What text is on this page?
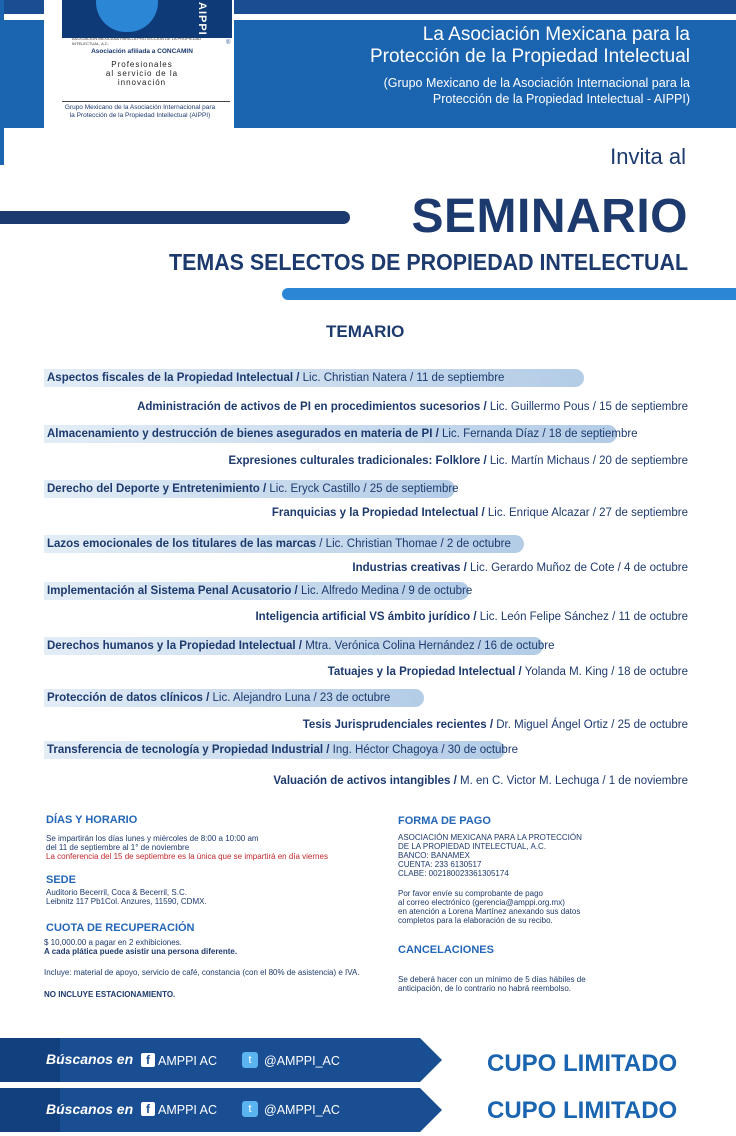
AIPPI
®
ASOCIACIÓN MEXICANA PARA LA PROTECCIÓN DE LA PROPIEDAD INTELECTUAL, A.C.
Asociación afiliada a CONCAMIN
Profesionales
al servicio de la
innovación
Grupo Mexicano de la Asociación Internacional para
la Protección de la Propiedad Intellectual (AIPPI)
La Asociación Mexicana para la
Protección de la Propiedad Intelectual
(Grupo Mexicano de la Asociación Internacional para la
Protección de la Propiedad Intelectual - AIPPI)
Invita al
SEMINARIO
TEMAS SELECTOS DE PROPIEDAD INTELECTUAL
TEMARIO
Aspectos fiscales de la Propiedad Intelectual / Lic. Christian Natera / 11 de septiembre
Administración de activos de PI en procedimientos sucesorios / Lic. Guillermo Pous / 15 de septiembre
Almacenamiento y destrucción de bienes asegurados en materia de PI / Lic. Fernanda Díaz / 18 de septiembre
Expresiones culturales tradicionales: Folklore / Lic. Martín Michaus / 20 de septiembre
Derecho del Deporte y Entretenimiento / Lic. Eryck Castillo / 25 de septiembre
Franquicias y la Propiedad Intelectual / Lic. Enrique Alcazar / 27 de septiembre
Lazos emocionales de los titulares de las marcas / Lic. Christian Thomae / 2 de octubre
Industrias creativas / Lic. Gerardo Muñoz de Cote / 4 de octubre
Implementación al Sistema Penal Acusatorio / Lic. Alfredo Medina / 9 de octubre
Inteligencia artificial VS ámbito jurídico / Lic. León Felipe Sánchez / 11 de octubre
Derechos humanos y la Propiedad Intelectual / Mtra. Verónica Colina Hernández / 16 de octubre
Tatuajes y la Propiedad Intelectual / Yolanda M. King / 18 de octubre
Protección de datos clínicos / Lic. Alejandro Luna / 23 de octubre
Tesis Jurisprudenciales recientes / Dr. Miguel Ángel Ortiz / 25 de octubre
Transferencia de tecnología y Propiedad Industrial / Ing. Héctor Chagoya / 30 de octubre
Valuación de activos intangibles / M. en C. Victor M. Lechuga / 1 de noviembre
DÍAS Y HORARIO
Se impartirán los días lunes y miércoles de 8:00 a 10:00 am
del 11 de septiembre al 1° de noviembre
La conferencia del 15 de septiembre es la única que se impartirá en día viernes
SEDE
Auditorio Becerril, Coca & Becerril, S.C.
Leibnitz 117 Pb1Col. Anzures, 11590, CDMX.
CUOTA DE RECUPERACIÓN
$ 10,000.00 a pagar en 2 exhibiciones.
A cada plática puede asistir una persona diferente.
Incluye: material de apoyo, servicio de café, constancia (con el 80% de asistencia) e IVA.
NO INCLUYE ESTACIONAMIENTO.
FORMA DE PAGO
ASOCIACIÓN MEXICANA PARA LA PROTECCIÓN
DE LA PROPIEDAD INTELECTUAL, A.C.
BANCO: BANAMEX
CUENTA: 233 6130517
CLABE: 002180023361305174
Por favor envíe su comprobante de pago
al correo electrónico (gerencia@amppi.org.mx)
en atención a Lorena Martínez anexando sus datos
completos para la elaboración de su recibo.
CANCELACIONES
Se deberá hacer con un mínimo de 5 días hábiles de
anticipación, de lo contrario no habrá reembolso.
Búscanos en	f AMPPI AC	t @AMPPI_AC	CUPO LIMITADO
Búscanos en	f AMPPI AC	t @AMPPI_AC	CUPO LIMITADO
